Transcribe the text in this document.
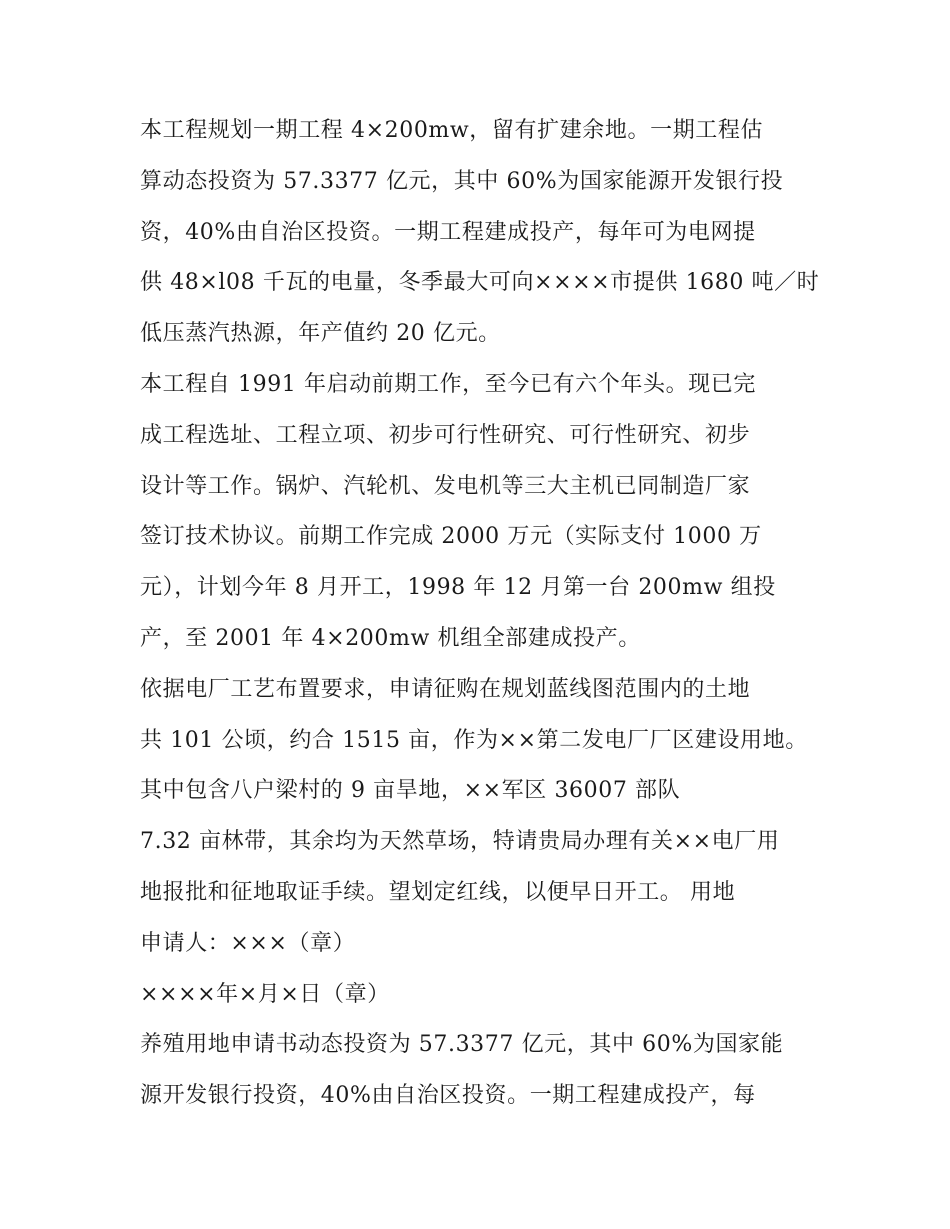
本工程规划一期工程 4×200mw，留有扩建余地。一期工程估
算动态投资为 57.3377 亿元，其中 60%为国家能源开发银行投
资，40%由自治区投资。一期工程建成投产，每年可为电网提
供 48×l08 千瓦的电量，冬季最大可向××××市提供 1680 吨／时
低压蒸汽热源，年产值约 20 亿元。
本工程自 1991 年启动前期工作，至今已有六个年头。现已完
成工程选址、工程立项、初步可行性研究、可行性研究、初步
设计等工作。锅炉、汽轮机、发电机等三大主机已同制造厂家
签订技术协议。前期工作完成 2000 万元（实际支付 1000 万
元），计划今年 8 月开工，1998 年 12 月第一台 200mw 组投
产，至 2001 年 4×200mw 机组全部建成投产。
依据电厂工艺布置要求，申请征购在规划蓝线图范围内的土地
共 101 公顷，约合 1515 亩，作为××第二发电厂厂区建设用地。
其中包含八户梁村的 9 亩旱地，××军区 36007 部队
7.32 亩林带，其余均为天然草场，特请贵局办理有关××电厂用
地报批和征地取证手续。望划定红线，以便早日开工。 用地
申请人：×××（章）
××××年×月×日（章）
养殖用地申请书动态投资为 57.3377 亿元，其中 60%为国家能
源开发银行投资，40%由自治区投资。一期工程建成投产，每
